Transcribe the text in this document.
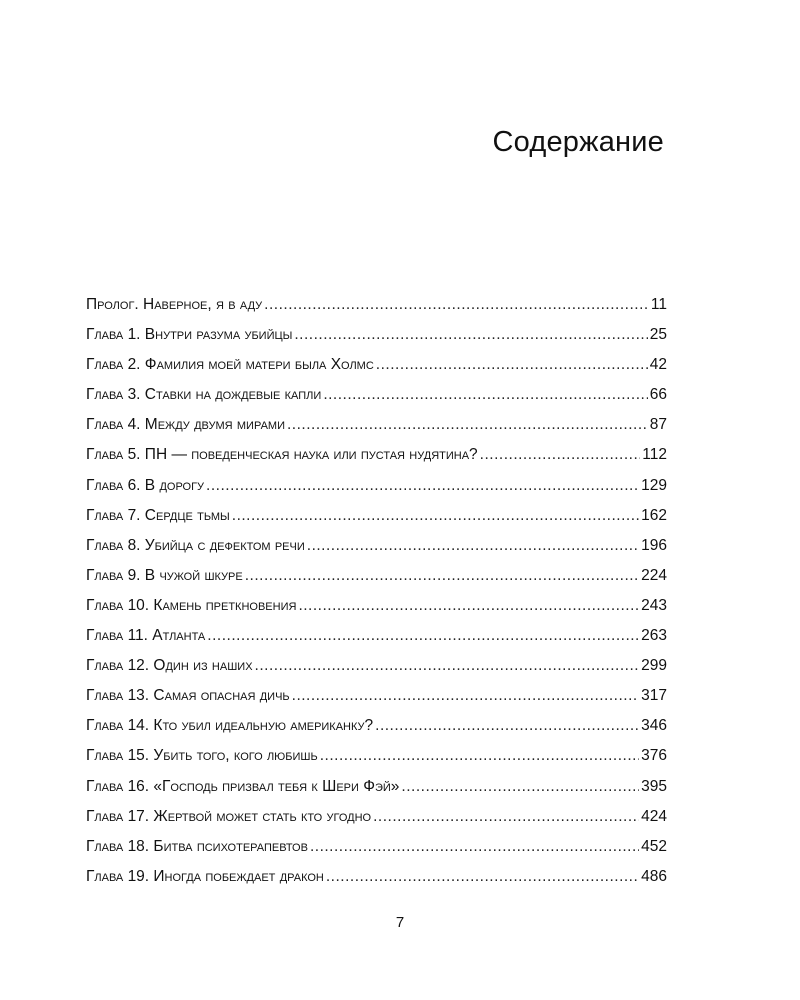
Содержание
Пролог. Наверное, я в аду .....	11
Глава 1. Внутри разума убийцы .....	25
Глава 2. Фамилия моей матери была Холмс .....	42
Глава 3. Ставки на дождевые капли .....	66
Глава 4. Между двумя мирами .....	87
Глава 5. ПН — поведенческая наука или пустая нудятина? .....	112
Глава 6. В дорогу .....	129
Глава 7. Сердце тьмы .....	162
Глава 8. Убийца с дефектом речи .....	196
Глава 9. В чужой шкуре .....	224
Глава 10. Камень преткновения .....	243
Глава 11. Атланта .....	263
Глава 12. Один из наших .....	299
Глава 13. Самая опасная дичь .....	317
Глава 14. Кто убил идеальную американку? .....	346
Глава 15. Убить того, кого любишь .....	376
Глава 16. «Господь призвал тебя к Шери Фэй» .....	395
Глава 17. Жертвой может стать кто угодно .....	424
Глава 18. Битва психотерапевтов .....	452
Глава 19. Иногда побеждает дракон .....	486
7
